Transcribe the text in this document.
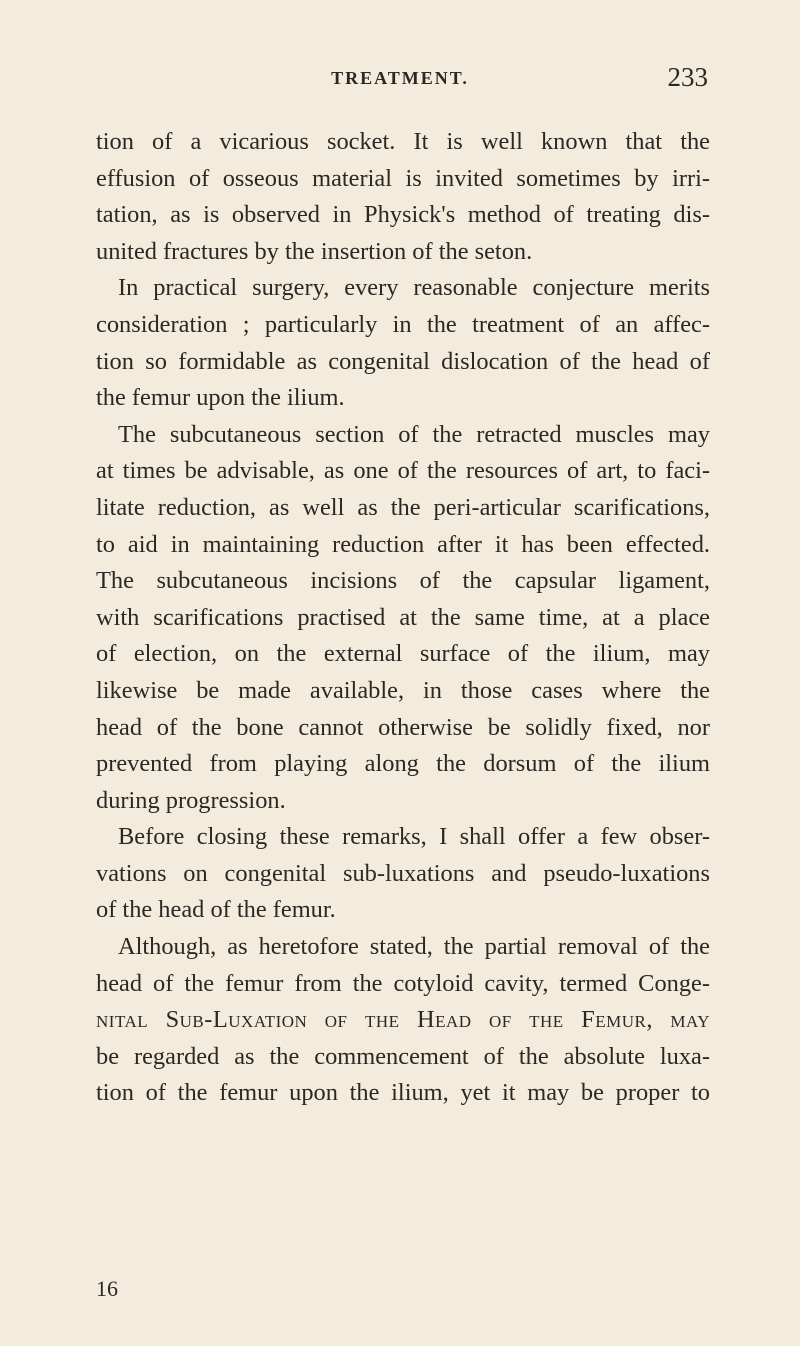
TREATMENT.	233
tion of a vicarious socket. It is well known that the
effusion of osseous material is invited sometimes by irri-
tation, as is observed in Physick's method of treating dis-
united fractures by the insertion of the seton.
In practical surgery, every reasonable conjecture merits
consideration ; particularly in the treatment of an affec-
tion so formidable as congenital dislocation of the head of
the femur upon the ilium.
The subcutaneous section of the retracted muscles may
at times be advisable, as one of the resources of art, to faci-
litate reduction, as well as the peri-articular scarifications,
to aid in maintaining reduction after it has been effected.
The subcutaneous incisions of the capsular ligament,
with scarifications practised at the same time, at a place
of election, on the external surface of the ilium, may
likewise be made available, in those cases where the
head of the bone cannot otherwise be solidly fixed, nor
prevented from playing along the dorsum of the ilium
during progression.
Before closing these remarks, I shall offer a few obser-
vations on congenital sub-luxations and pseudo-luxations
of the head of the femur.
Although, as heretofore stated, the partial removal of the
head of the femur from the cotyloid cavity, termed Conge-
nital Sub-Luxation of the Head of the Femur, may
be regarded as the commencement of the absolute luxa-
tion of the femur upon the ilium, yet it may be proper to
16
